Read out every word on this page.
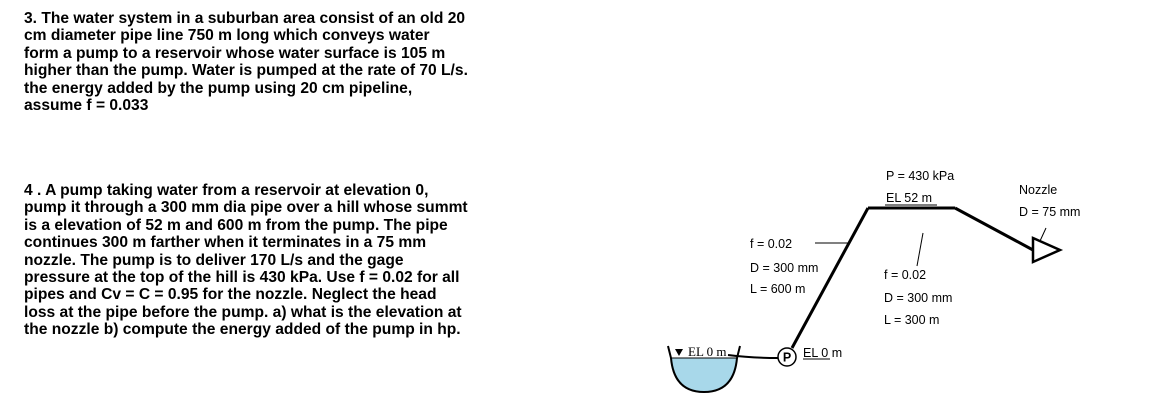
3. The water system in a suburban area consist of an old 20
cm diameter pipe line 750 m long which conveys water
form a pump to a reservoir whose water surface is 105 m
higher than the pump. Water is pumped at the rate of 70 L/s.
the energy added by the pump using 20 cm pipeline,
assume f = 0.033
4 . A pump taking water from a reservoir at elevation 0,
pump it through a 300 mm dia pipe over a hill whose summt
is a elevation of 52 m and 600 m from the pump. The pipe
continues 300 m farther when it terminates in a 75 mm
nozzle. The pump is to deliver 170 L/s and the gage
pressure at the top of the hill is 430 kPa. Use f = 0.02 for all
pipes and Cv = C = 0.95 for the nozzle. Neglect the head
loss at the pipe before the pump. a) what is the elevation at
the nozzle b) compute the energy added of the pump in hp.
EL 0 m	P EL 0 m
Nozzle
D = 75 mm
P = 430 kPa
EL 52 m
f = 0.02
D = 300 mm
L = 600 m
f = 0.02
D = 300 mm
L = 300 m
